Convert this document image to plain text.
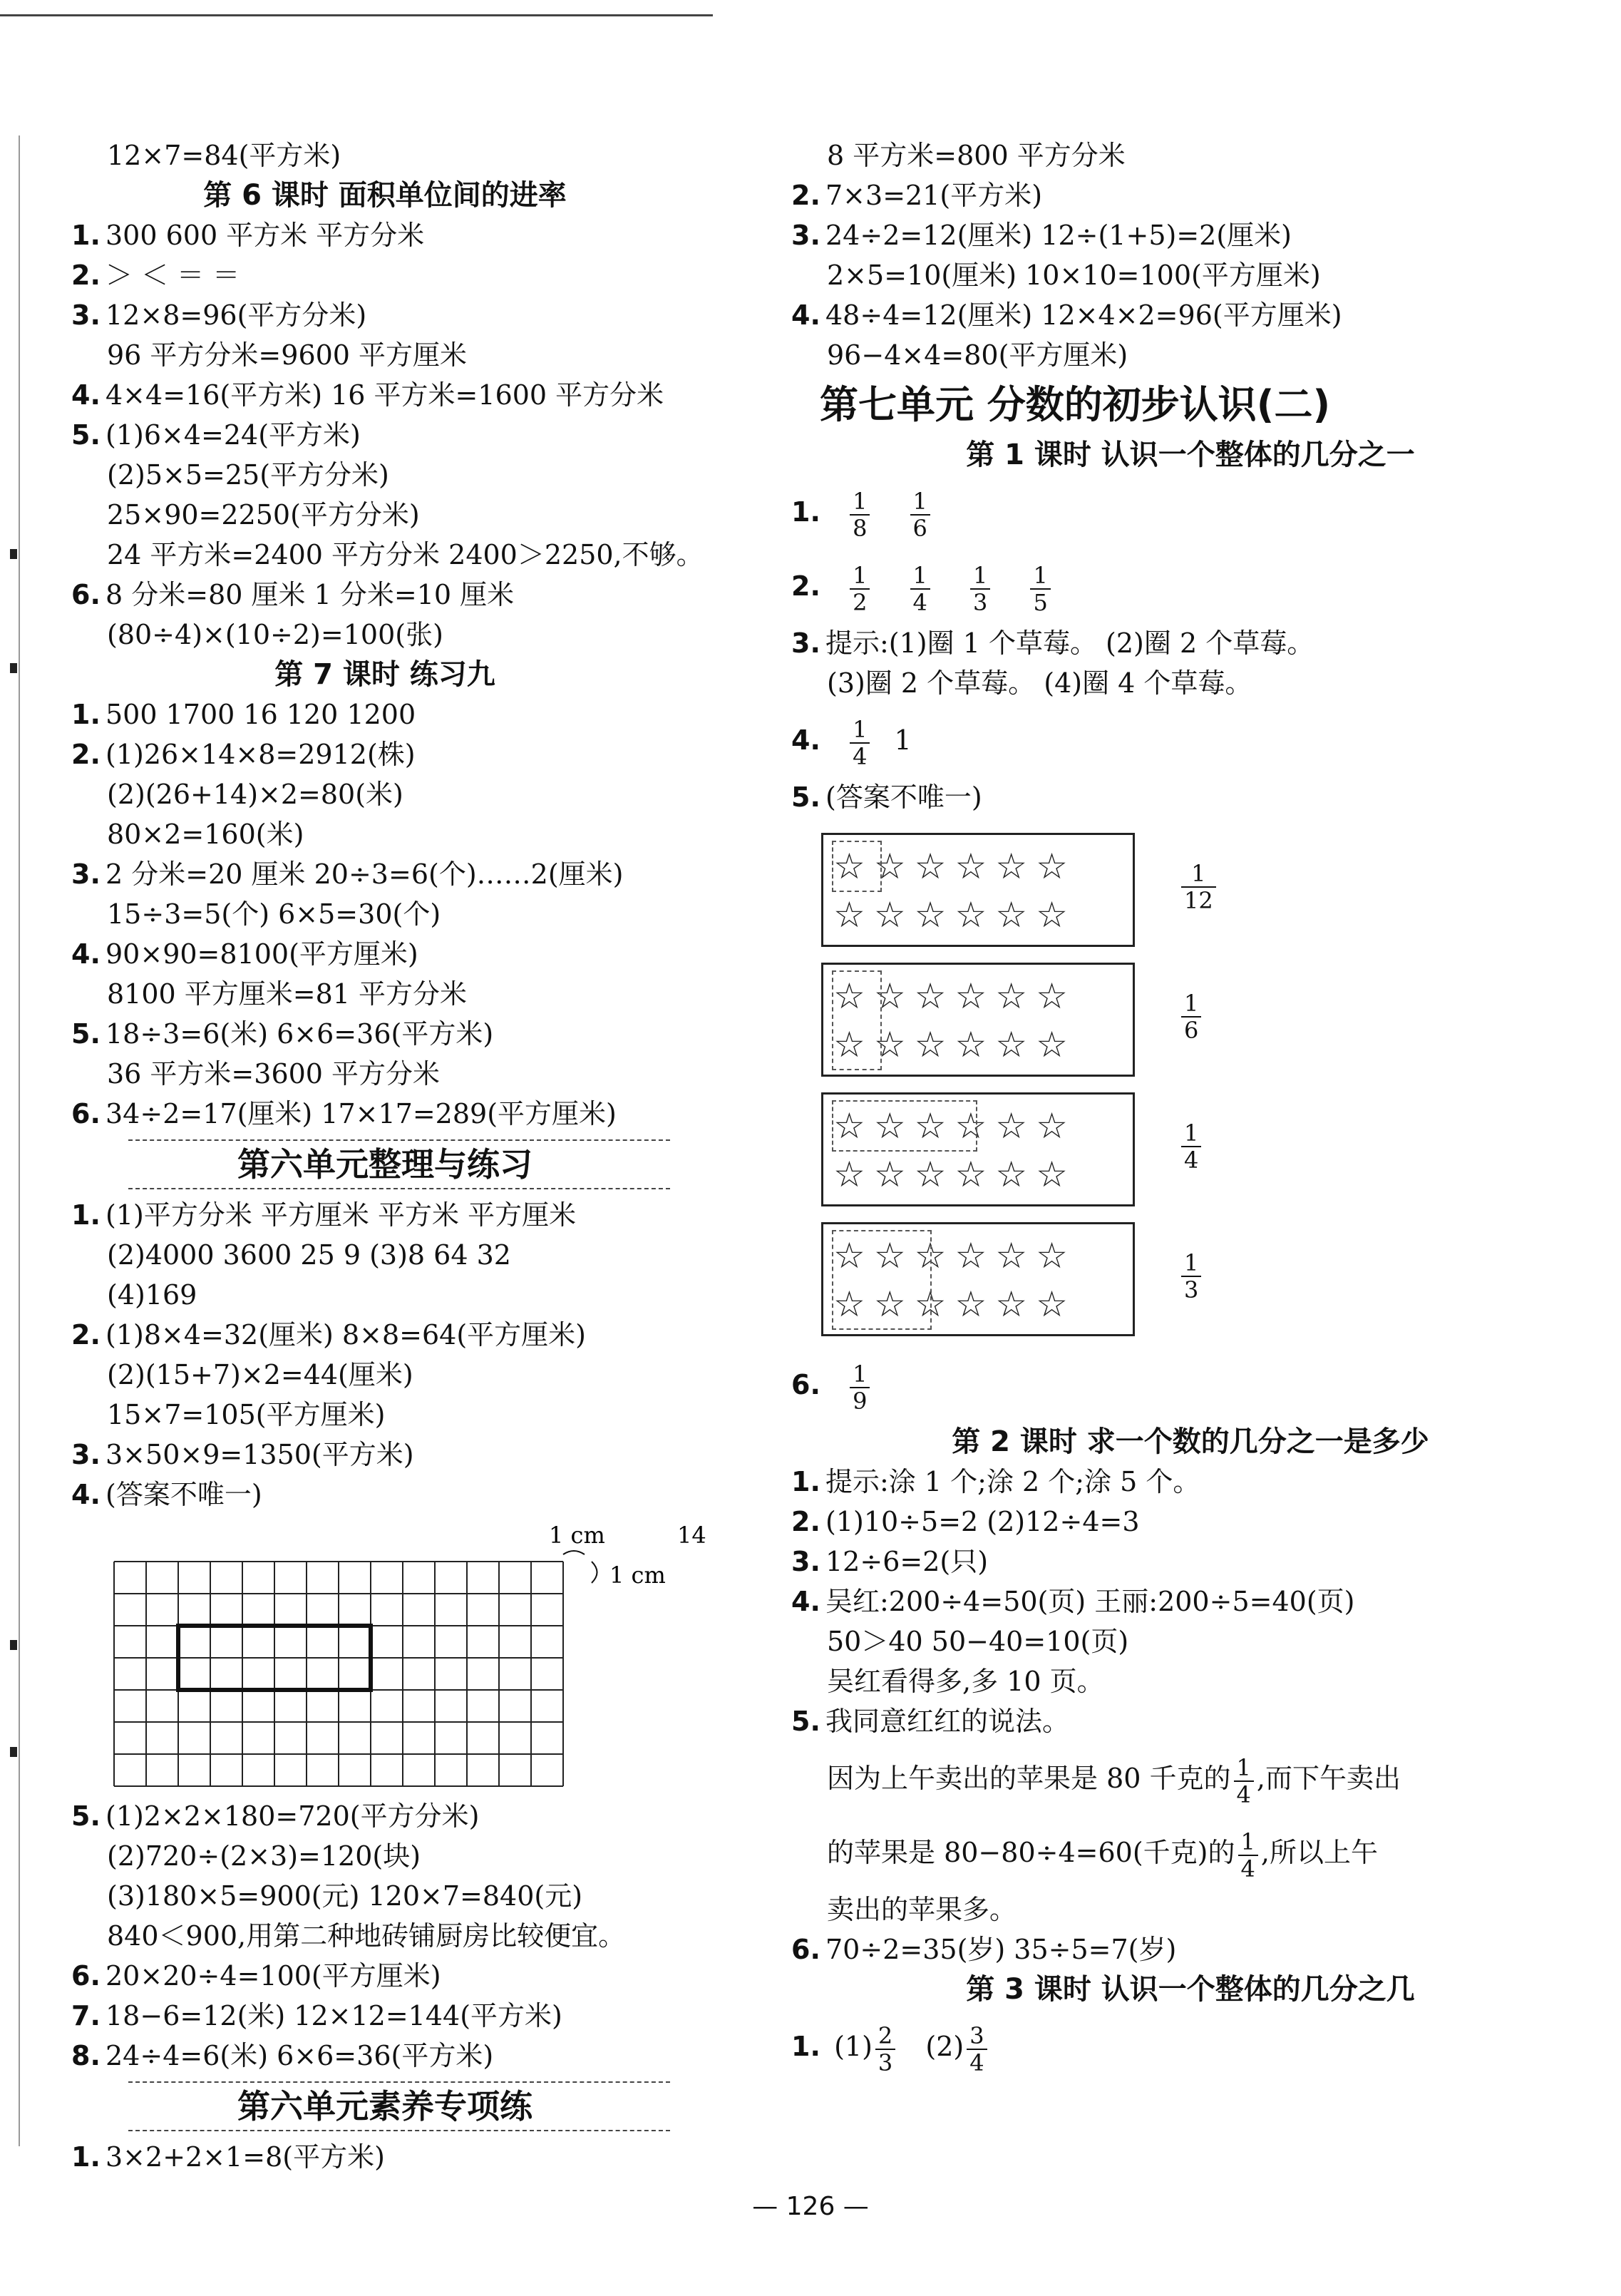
12×7=84(平方米)
第 6 课时 面积单位间的进率
1. 300 600 平方米 平方分米
2. ＞ ＜ ＝ ＝
3. 12×8=96(平方分米)
96 平方分米=9600 平方厘米
4. 4×4=16(平方米) 16 平方米=1600 平方分米
5. (1)6×4=24(平方米)
(2)5×5=25(平方分米)
25×90=2250(平方分米)
24 平方米=2400 平方分米 2400＞2250,不够。
6. 8 分米=80 厘米 1 分米=10 厘米
(80÷4)×(10÷2)=100(张)
第 7 课时 练习九
1. 500 1700 16 120 1200
2. (1)26×14×8=2912(株)
(2)(26+14)×2=80(米)
80×2=160(米)
3. 2 分米=20 厘米 20÷3=6(个)……2(厘米)
15÷3=5(个) 6×5=30(个)
4. 90×90=8100(平方厘米)
8100 平方厘米=81 平方分米
5. 18÷3=6(米) 6×6=36(平方米)
36 平方米=3600 平方分米
6. 34÷2=17(厘米) 17×17=289(平方厘米)
第六单元整理与练习
1. (1)平方分米 平方厘米 平方米 平方厘米
(2)4000 3600 25 9 (3)8 64 32
(4)169
2. (1)8×4=32(厘米) 8×8=64(平方厘米)
(2)(15+7)×2=44(厘米)
15×7=105(平方厘米)
3. 3×50×9=1350(平方米)
4. (答案不唯一)
1 cm	14
1 cm
5. (1)2×2×180=720(平方分米)
(2)720÷(2×3)=120(块)
(3)180×5=900(元) 120×7=840(元)
840＜900,用第二种地砖铺厨房比较便宜。
6. 20×20÷4=100(平方厘米)
7. 18−6=12(米) 12×12=144(平方米)
8. 24÷4=6(米) 6×6=36(平方米)
第六单元素养专项练
1. 3×2+2×1=8(平方米)
8 平方米=800 平方分米
2. 7×3=21(平方米)
3. 24÷2=12(厘米) 12÷(1+5)=2(厘米)
2×5=10(厘米) 10×10=100(平方厘米)
4. 48÷4=12(厘米) 12×4×2=96(平方厘米)
96−4×4=80(平方厘米)
第七单元 分数的初步认识(二)
第 1 课时 认识一个整体的几分之一
1. $\frac{1}{8}$
$\frac{1}{6}$
2. $\frac{1}{2}$
$\frac{1}{4}$
$\frac{1}{3}$
$\frac{1}{5}$
3. 提示:(1)圈 1 个草莓。 (2)圈 2 个草莓。
(3)圈 2 个草莓。 (4)圈 4 个草莓。
4. $\frac{1}{4} 1$
5. (答案不唯一)
☆☆☆☆☆☆
☆☆☆☆☆☆
$\frac{1}{12}$
☆☆☆☆☆☆
☆☆☆☆☆☆
$\frac{1}{6}$
☆☆☆☆☆☆
☆☆☆☆☆☆
$\frac{1}{4}$
☆☆☆☆☆☆
☆☆☆☆☆☆
$\frac{1}{3}$
6. $\frac{1}{9}$
第 2 课时 求一个数的几分之一是多少
1. 提示:涂 1 个;涂 2 个;涂 5 个。
2. (1)10÷5=2 (2)12÷4=3
3. 12÷6=2(只)
4. 吴红:200÷4=50(页) 王丽:200÷5=40(页)
50＞40 50−40=10(页)
吴红看得多,多 10 页。
5. 我同意红红的说法。
因为上午卖出的苹果是 80 千克的 $\frac{1}{4}$ ,而下午卖出
的苹果是 80−80÷4=60(千克)的 $\frac{1}{4}$ ,所以上午
卖出的苹果多。
6. 70÷2=35(岁) 35÷5=7(岁)
第 3 课时 认识一个整体的几分之几
1. $(1) \frac{2}{3} (2) \frac{3}{4}$
— 126 —
